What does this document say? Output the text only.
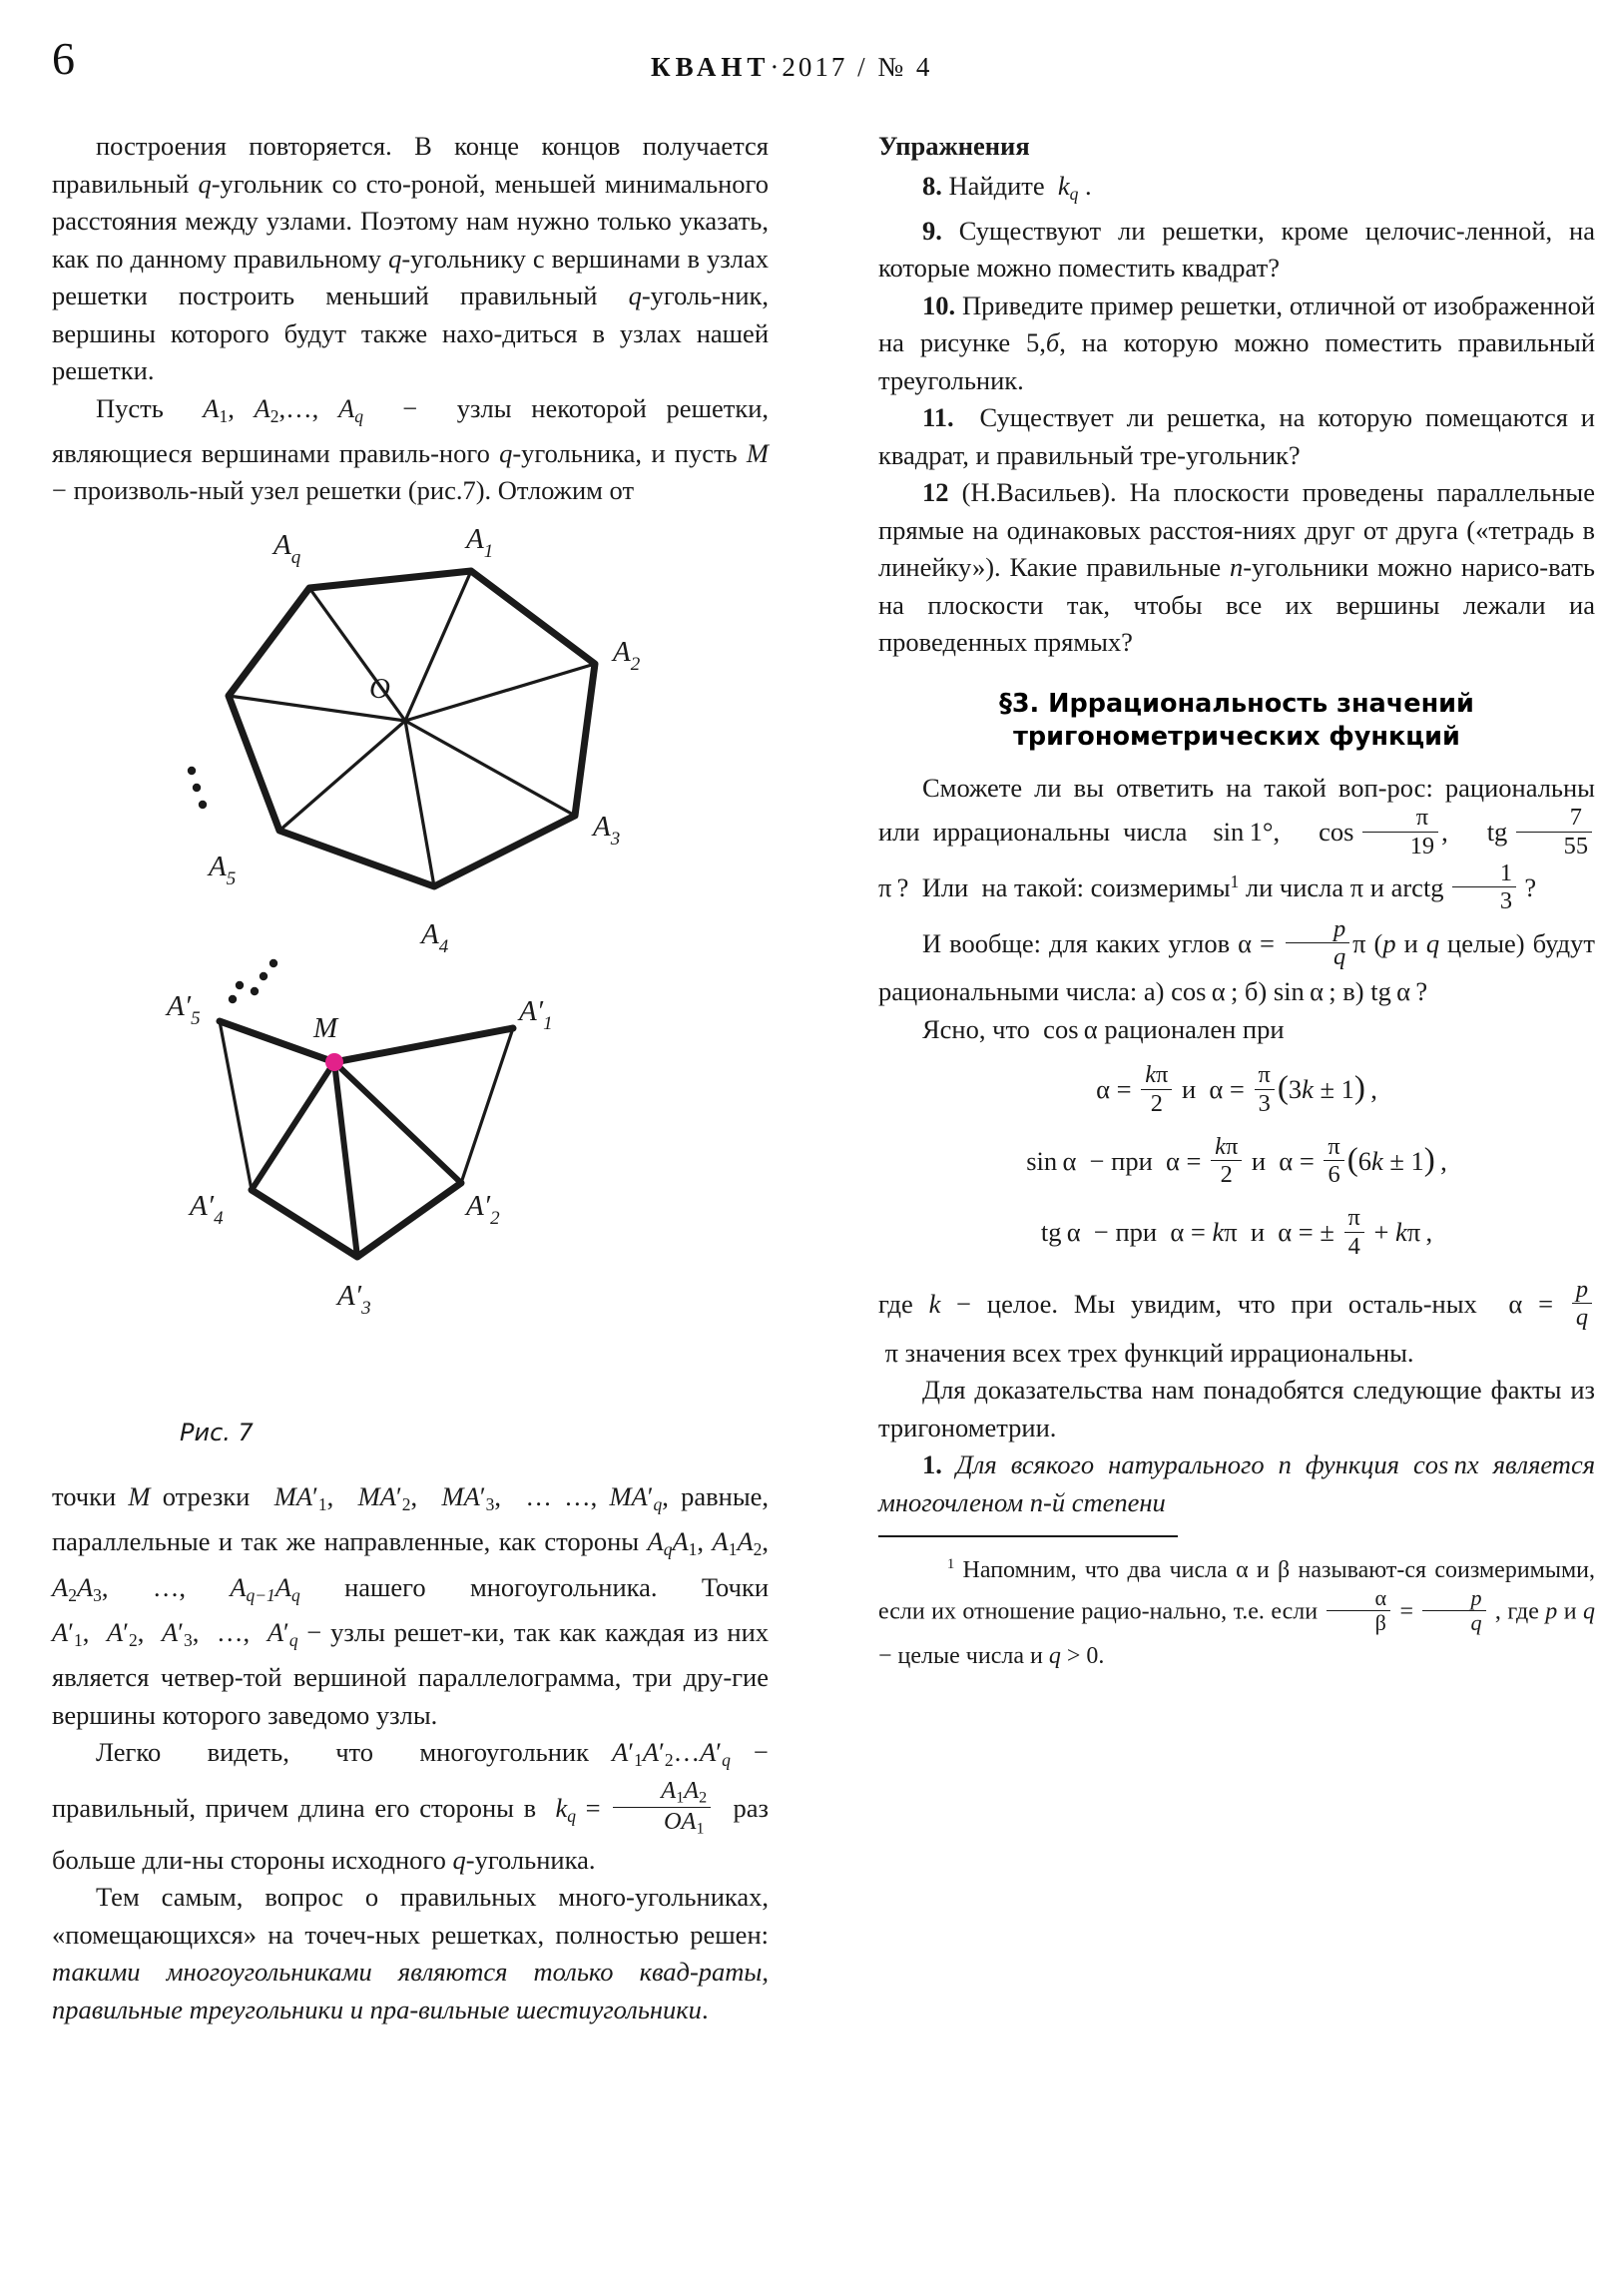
6	КВАНТ·2017 / № 4

построения повторяется. В конце концов получается правильный q-угольник со сто‑роной, меньшей минимального расстояния между узлами. Поэтому нам нужно только указать, как по данному правильному q-угольнику с вершинами в узлах решетки построить меньший правильный q-уголь‑ник, вершины которого будут также нахо‑диться в узлах нашей решетки.

Пусть  $A_1$, $A_2,\dots$, $A_q$  −  узлы некоторой решетки, являющиеся вершинами правиль‑ного q-угольника, и пусть M − произволь‑ный узел решетки (рис.7). Отложим от

O
$A_q$
$A_1$
$A_2$
$A_3$
$A_4$
$A_5$
M
$A'_5$	$A'_1$
$A'_4$	$A'_2$
$A'_3$
Рис. 7

точки M отрезки  $MA'_1$,  $MA'_2$,  $MA'_3$,  … …, $MA'_q$, равные, параллельные и так же направленные, как стороны $A_qA_1$, $A_1A_2$, $A_2A_3$, …, $A_{q-1}A_q$ нашего многоугольника. Точки $A'_1$,  $A'_2$,  $A'_3$,  …,  $A'_q$ − узлы решет‑ки, так как каждая из них является четвер‑той вершиной параллелограмма, три дру‑гие вершины которого заведомо узлы.

Легко  видеть,  что  многоугольник $A'_1A'_2\dots A'_q$ − правильный, причем длина его стороны в  $k_q = \frac{A_1A_2}{OA_1}$ раз больше дли‑ны стороны исходного q-угольника.

Тем самым, вопрос о правильных много‑угольниках, «помещающихся» на точеч‑ных решетках, полностью решен: такими многоугольниками являются только квад‑раты, правильные треугольники и пра‑вильные шестиугольники.

Упражнения

8. Найдите  $k_q$ .

9. Существуют ли решетки, кроме целочис‑ленной, на которые можно поместить квадрат?

10. Приведите пример решетки, отличной от изображенной на рисунке 5,б, на которую можно поместить правильный треугольник.

11.  Существует ли решетка, на которую помещаются и квадрат, и правильный тре‑угольник?

12 (Н.Васильев). На плоскости проведены параллельные прямые на одинаковых расстоя‑ниях друг от друга («тетрадь в линейку»). Какие правильные n-угольники можно нарисо‑вать на плоскости так, чтобы все их вершины лежали иа проведенных прямых?

§3. Иррациональность значений
тригонометрических функций

Сможете ли вы ответить на такой воп‑рос: рациональны или иррациональны числа  sin 1°,   $\cos \frac{\pi}{19}$ ,   tg  $\frac{7}{55}$
π ?  Или  на такой: соизмеримы$^1$ ли числа π и arctg  $\frac{1}{3}$  ?

И вообще: для каких углов $\alpha = \frac{p}{q}$ π (p и q целые) будут рациональными числа: а) cos α ; б) sin α ; в) tg α ?

Ясно, что  cos α рационален при

$\alpha = \frac{k\pi}{2}$ и  $\alpha = \frac{\pi}{3} (3k \pm 1)$ ,
sin α  − при  $\alpha = \frac{k\pi}{2}$ и  $\alpha = \frac{\pi}{6} (6k \pm 1)$ ,
tg α  − при  α = kπ  и  α = ± $\frac{\pi}{4} + k\pi$ ,

где k − целое. Мы увидим, что при осталь‑ных  $\alpha = \frac{p}{q}$
π значения всех трех функций иррациональны.

Для доказательства нам понадобятся следующие факты из тригонометрии.

1. Для всякого натурального n функция cos  nx является многочленом n-й степени

$^1$ Напомним, что два числа α и β называют‑ся соизмеримыми, если их отношение рацио‑нально, т.е. если $\frac{\alpha}{\beta} = \frac{p}{q}$ , где p и q − целые числа и q > 0.
